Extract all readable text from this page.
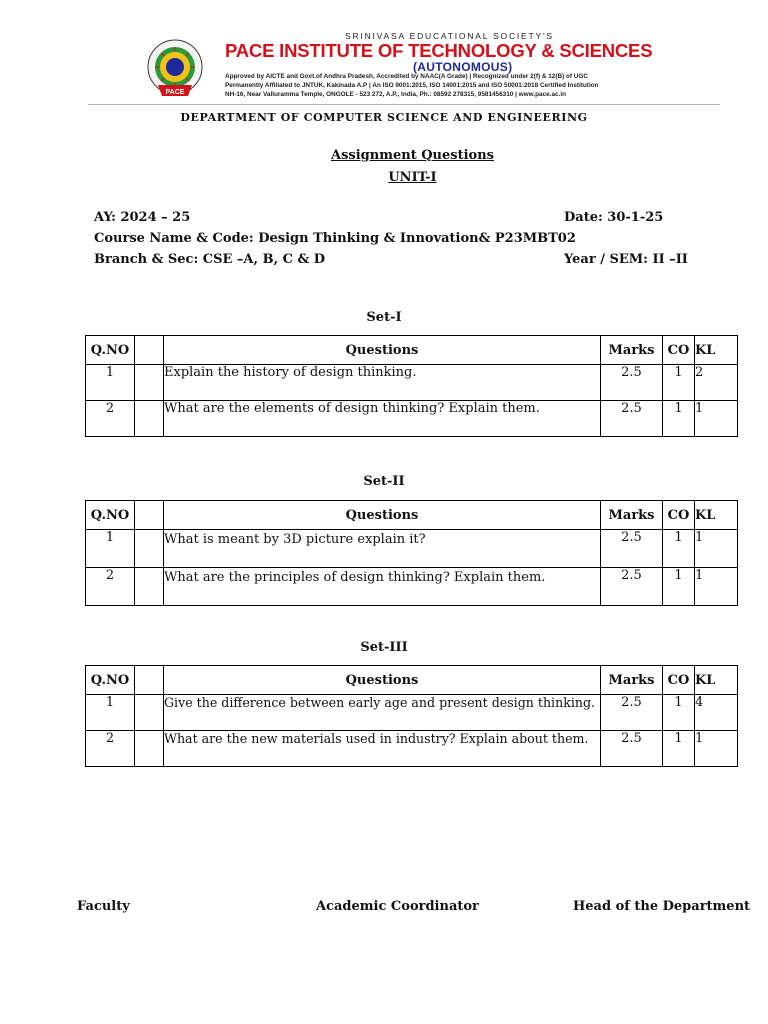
PACE
SRINIVASA EDUCATIONAL SOCIETY'S
PACE INSTITUTE OF TECHNOLOGY & SCIENCES
(AUTONOMOUS)
Approved by AICTE and Govt.of Andhra Pradesh, Accredited by NAAC(A Grade) | Recognized under 2(f) & 12(B) of UGC
Permanently Affiliated to JNTUK, Kakinada A.P | An ISO 9001:2015, ISO 14001:2015 and ISO 50001:2018 Certified Institution
NH-16, Near Valluramma Temple, ONGOLE - 523 272, A.P., India, Ph.: 08592 278315, 9581456310 | www.pace.ac.in
DEPARTMENT OF COMPUTER SCIENCE AND ENGINEERING
Assignment Questions
UNIT-I
AY: 2024 – 25	Date: 30-1-25
Course Name & Code: Design Thinking & Innovation& P23MBT02
Branch & Sec: CSE –A, B, C & D	Year / SEM: II –II
Set-I
Q.NO		Questions	Marks	CO	KL
1		Explain the history of design thinking.	2.5	1	2
2		What are the elements of design thinking? Explain them.	2.5	1	1
Set-II
Q.NO		Questions	Marks	CO	KL
1		What is meant by 3D picture explain it?	2.5	1	1
2		What are the principles of design thinking? Explain them.	2.5	1	1
Set-III
Q.NO		Questions	Marks	CO	KL
1		Give the difference between early age and present design thinking.	2.5	1	4
2		What are the new materials used in industry? Explain about them.	2.5	1	1
Faculty	Academic Coordinator	Head of the Department
